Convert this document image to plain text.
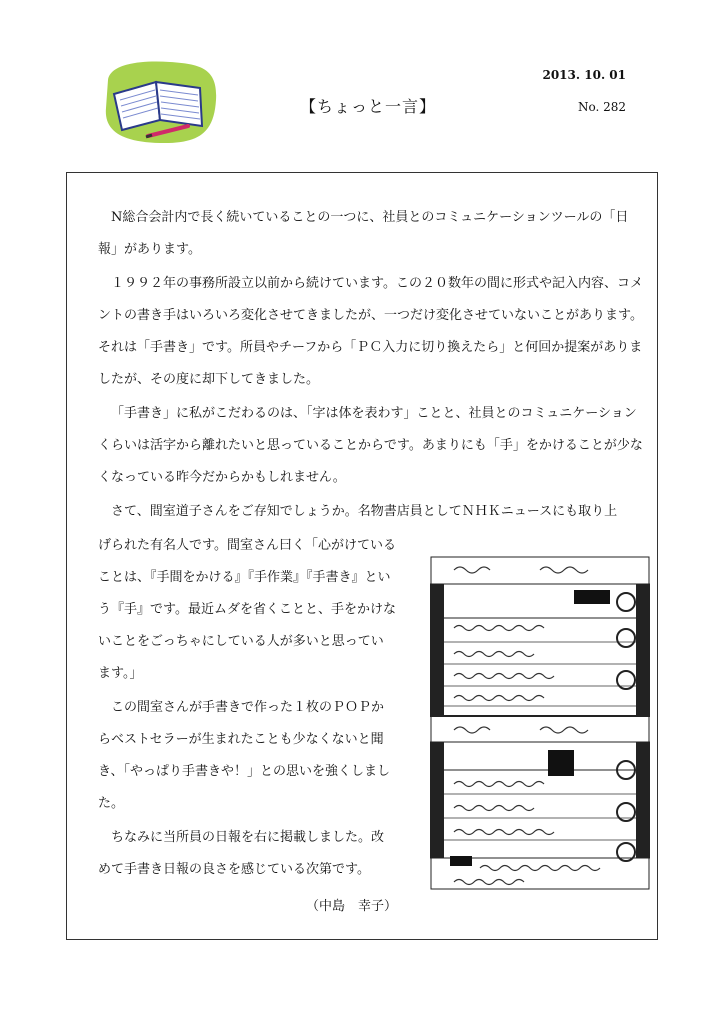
【ちょっと一言】
2013. 10. 01
No. 282

N総合会計内で長く続いていることの一つに、社員とのコミュニケーションツールの「日報」があります。

１９９２年の事務所設立以前から続けています。この２０数年の間に形式や記入内容、コメントの書き手はいろいろ変化させてきましたが、一つだけ変化させていないことがあります。それは「手書き」です。所員やチーフから「ＰＣ入力に切り換えたら」と何回か提案がありましたが、その度に却下してきました。

「手書き」に私がこだわるのは、「字は体を表わす」ことと、社員とのコミュニケーションくらいは活字から離れたいと思っていることからです。あまりにも「手」をかけることが少なくなっている昨今だからかもしれません。

さて、間室道子さんをご存知でしょうか。名物書店員としてＮＨＫニュースにも取り上

げられた有名人です。間室さん曰く「心がけていることは、『手間をかける』『手作業』『手書き』という『手』です。最近ムダを省くことと、手をかけないことをごっちゃにしている人が多いと思っています。」

この間室さんが手書きで作った１枚のＰＯＰからベストセラーが生まれたことも少なくないと聞き、「やっぱり手書きや！」との思いを強くしました。

ちなみに当所員の日報を右に掲載しました。改めて手書き日報の良さを感じている次第です。

（中島　幸子）
